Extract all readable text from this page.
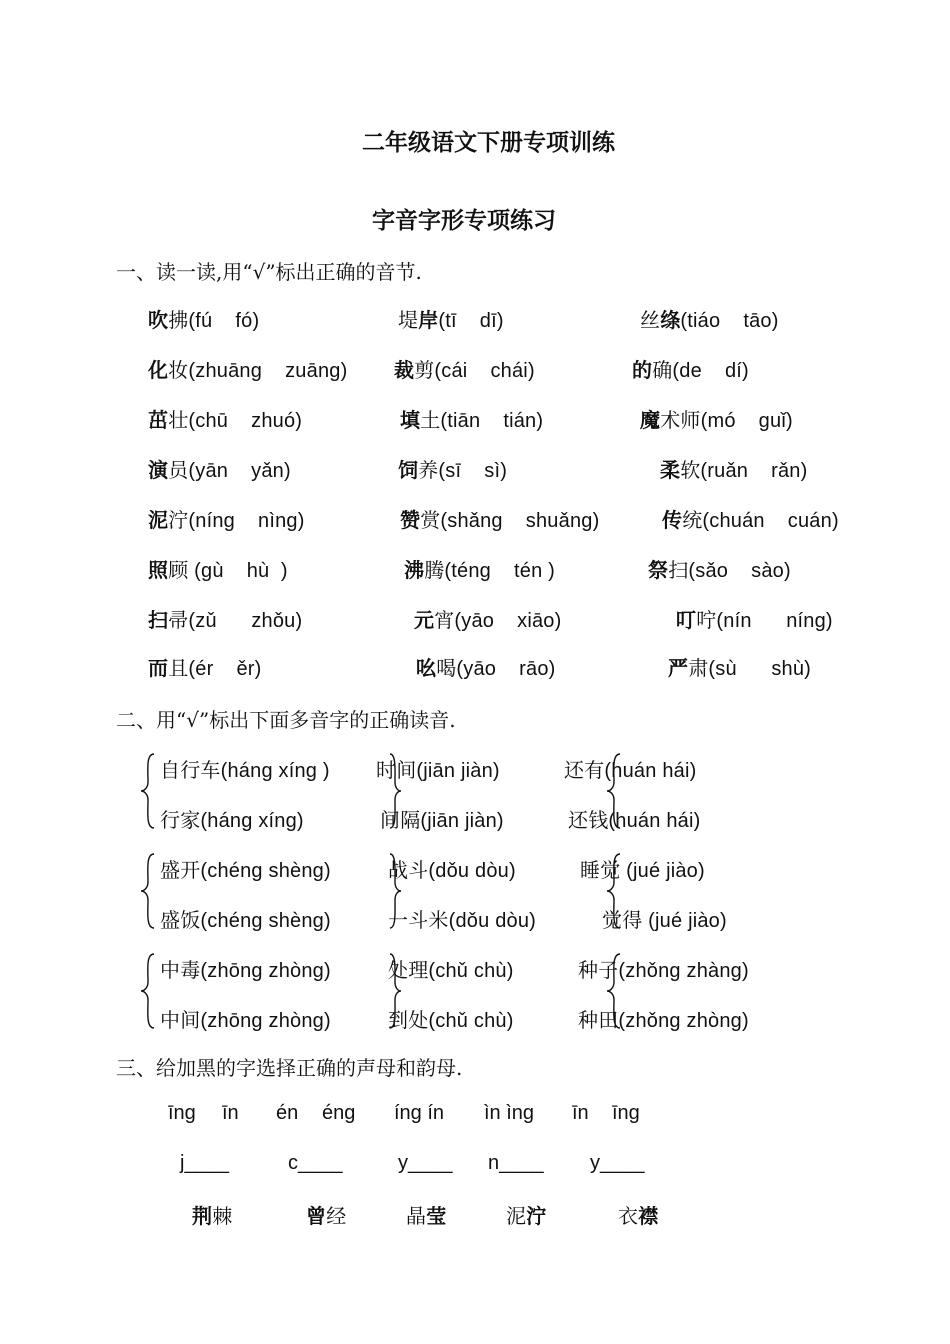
二年级语文下册专项训练
字音字形专项练习
一、读一读,用“√”标出正确的音节.
吹拂(fú    fó)	堤岸(tī    dī)	丝绦(tiáo    tāo)
化妆(zhuāng    zuāng) 裁剪(cái    chái)	的确(de    dí)
茁壮(chū    zhuó)	填土(tiān    tián)	魔术师(mó    guǐ)
演员(yān    yǎn)	饲养(sī    sì)	柔软(ruǎn    rǎn)
泥泞(níng    nìng)	赞赏(shǎng    shuǎng)	传统(chuán    cuán)
照顾 (gù    hù  )	沸腾(téng    tén )	祭扫(sǎo    sào)
扫帚(zǔ      zhǒu)	元宵(yāo    xiāo)	叮咛(nín      níng)
而且(ér    ěr)	吆喝(yāo    rāo)	严肃(sù      shù)
二、用“√”标出下面多音字的正确读音.
自行车(háng xíng ) 时间(jiān jiàn)	还有(huán hái)
行家(háng xíng)	间隔(jiān jiàn)	还钱(huán hái)
盛开(chéng shèng)	战斗(dǒu dòu)	睡觉 (jué jiào)
盛饭(chéng shèng)	一斗米(dǒu dòu)	觉得 (jué jiào)
中毒(zhōng zhòng)	处理(chǔ chù)	种子(zhǒng zhàng)
中间(zhōng zhòng)	到处(chǔ chù)	种田(zhǒng zhòng)
三、给加黑的字选择正确的声母和韵母.
īng īn én éng íng ín ìn ìng īn īng
j____	c____	y____ n____ y____
荆棘	曾经	晶莹	泥泞	衣襟
